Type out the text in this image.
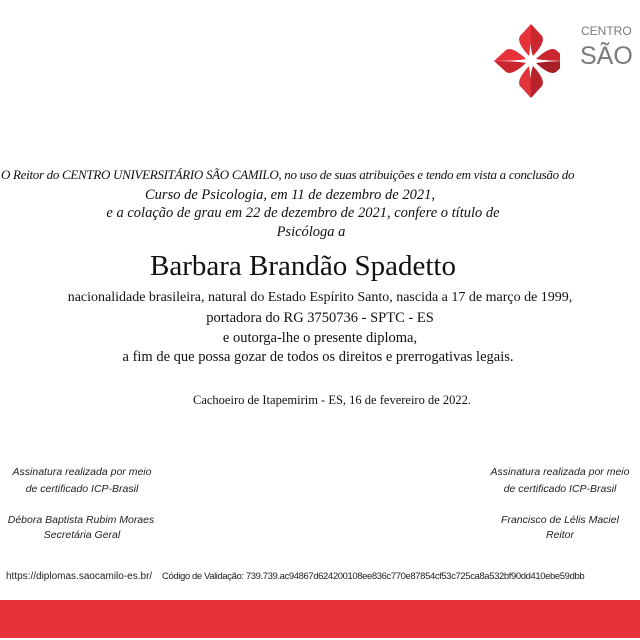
CENTRO
SÃO
O Reitor do CENTRO UNIVERSITÁRIO SÃO CAMILO, no uso de suas atribuições e tendo em vista a conclusão do
Curso de Psicologia, em 11 de dezembro de 2021,
e a colação de grau em 22 de dezembro de 2021, confere o título de
Psicóloga a
Barbara Brandão Spadetto
nacionalidade brasileira, natural do Estado Espírito Santo, nascida a 17 de março de 1999,
portadora do RG 3750736 - SPTC - ES
e outorga-lhe o presente diploma,
a fim de que possa gozar de todos os direitos e prerrogativas legais.
Cachoeiro de Itapemirim - ES, 16 de fevereiro de 2022.
Assinatura realizada por meio
de certificado ICP-Brasil
Débora Baptista Rubim Moraes
Secretária Geral
Assinatura realizada por meio
de certificado ICP-Brasil
Francisco de Lélis Maciel
Reitor
https://diplomas.saocamilo-es.br/ Código de Validação: 739.739.ac94867d624200108ee836c770e87854cf53c725ca8a532bf90dd410ebe59dbb
